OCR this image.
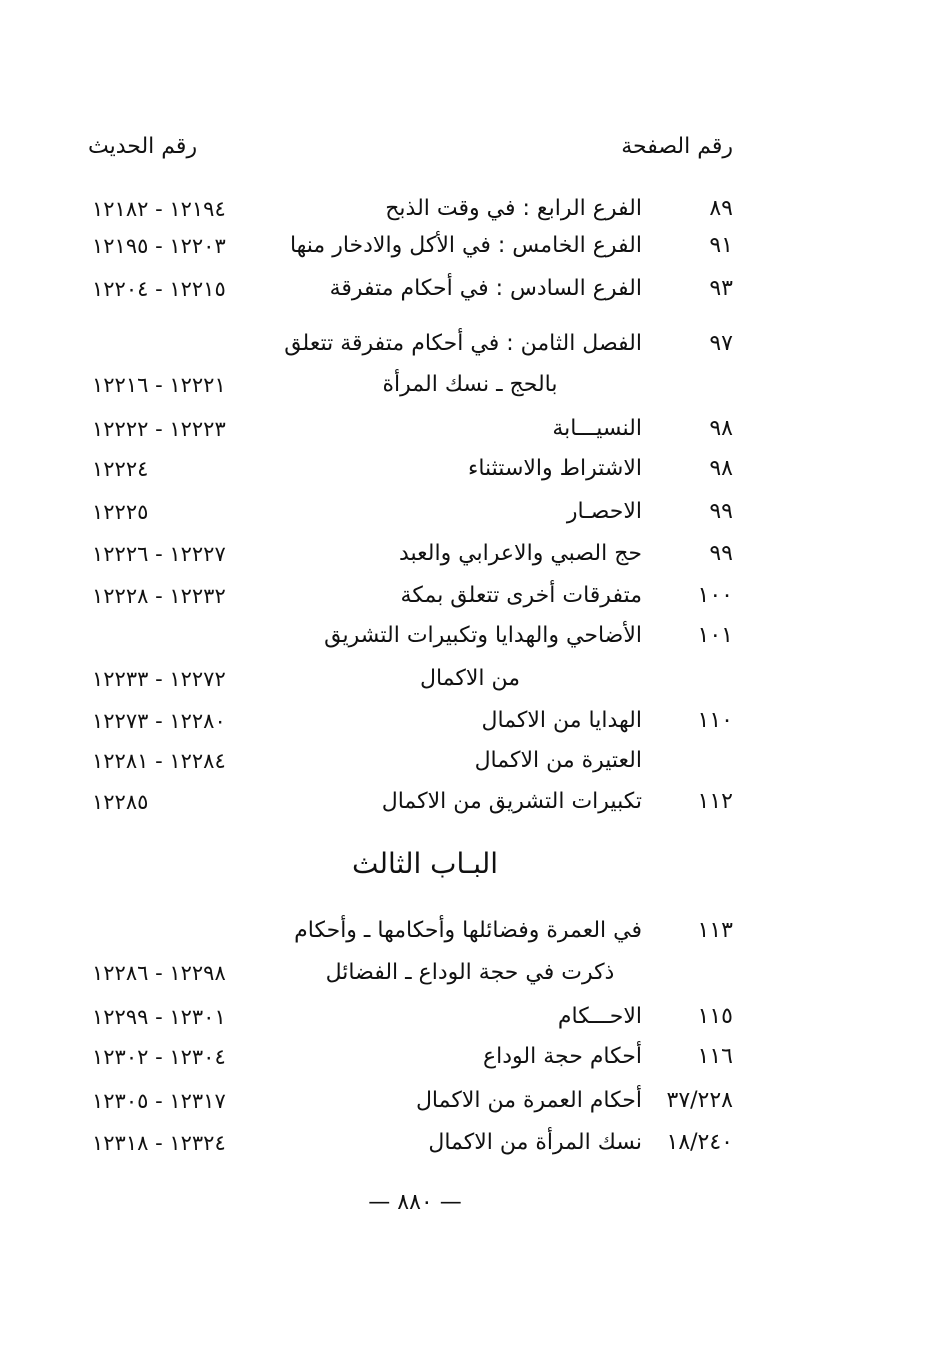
رقم الصفحة
رقم الحديث
٨٩
الفرع الرابع : في وقت الذبح
١٢١٩٤ - ١٢١٨٢
٩١
الفرع الخامس : في الأكل والادخار منها
١٢٢٠٣ - ١٢١٩٥
٩٣
الفرع السادس : في أحكام متفرقة
١٢٢١٥ - ١٢٢٠٤
٩٧
الفصل الثامن : في أحكام متفرقة تتعلق
بالحج ـ نسك المرأة
١٢٢٢١ - ١٢٢١٦
٩٨
النسيـــابة
١٢٢٢٣ - ١٢٢٢٢
٩٨
الاشتراط والاستثناء
١٢٢٢٤
٩٩
الاحصـار
١٢٢٢٥
٩٩
حج الصبي والاعرابي والعبد
١٢٢٢٧ - ١٢٢٢٦
١٠٠
متفرقات أخرى تتعلق بمكة
١٢٢٣٢ - ١٢٢٢٨
١٠١
الأضاحي والهدايا وتكبيرات التشريق
من الاكمال
١٢٢٧٢ - ١٢٢٣٣
١١٠
الهدايا من الاكمال
١٢٢٨٠ - ١٢٢٧٣
العتيرة من الاكمال
١٢٢٨٤ - ١٢٢٨١
١١٢
تكبيرات التشريق من الاكمال
١٢٢٨٥
البـاب الثالث
١١٣
في العمرة وفضائلها وأحكامها ـ وأحكام
ذكرت في حجة الوداع ـ الفضائل
١٢٢٩٨ - ١٢٢٨٦
١١٥
الاحـــكام
١٢٣٠١ - ١٢٢٩٩
١١٦
أحكام حجة الوداع
١٢٣٠٤ - ١٢٣٠٢
٣٧/٢٢٨
أحكام العمرة من الاكمال
١٢٣١٧ - ١٢٣٠٥
١٨/٢٤٠
نسك المرأة من الاكمال
١٢٣٢٤ - ١٢٣١٨
— ٨٨٠ —
